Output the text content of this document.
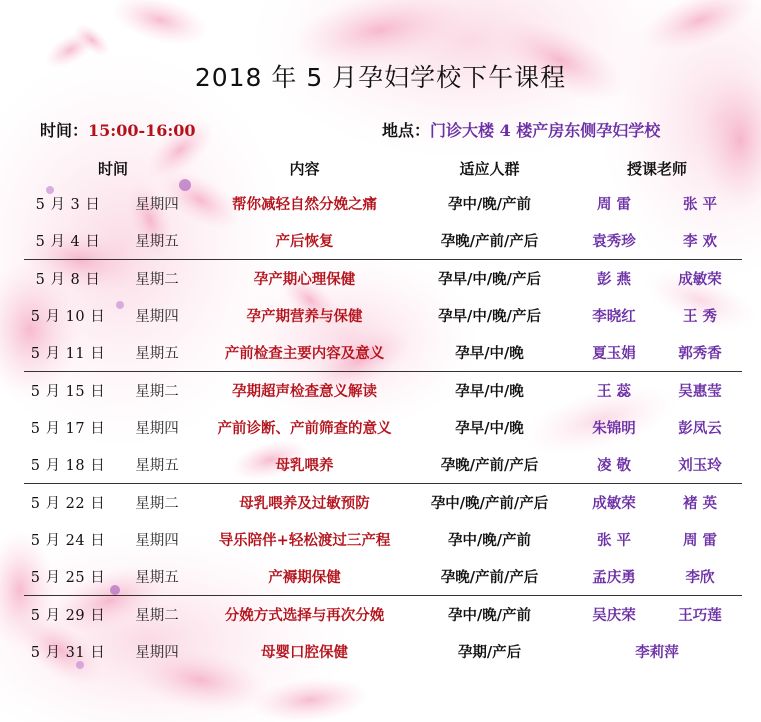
2018 年 5 月孕妇学校下午课程
时间：15:00-16:00	地点：门诊大楼 4 楼产房东侧孕妇学校
时间		内容	适应人群	授课老师
5 月 3 日	星期四	帮你减轻自然分娩之痛	孕中/晚/产前	周 雷 张 平
5 月 4 日	星期五	产后恢复	孕晚/产前/产后	袁秀珍 李 欢
5 月 8 日	星期二	孕产期心理保健	孕早/中/晚/产后	彭 燕 成敏荣
5 月 10 日	星期四	孕产期营养与保健	孕早/中/晚/产后	李晓红 王 秀
5 月 11 日	星期五	产前检查主要内容及意义	孕早/中/晚	夏玉娟 郭秀香
5 月 15 日	星期二	孕期超声检查意义解读	孕早/中/晚	王 蕊 吴惠莹
5 月 17 日	星期四	产前诊断、产前筛查的意义	孕早/中/晚	朱锦明 彭凤云
5 月 18 日	星期五	母乳喂养	孕晚/产前/产后	凌 敬 刘玉玲
5 月 22 日	星期二	母乳喂养及过敏预防	孕中/晚/产前/产后	成敏荣 褚 英
5 月 24 日	星期四	导乐陪伴+轻松渡过三产程	孕中/晚/产前	张 平 周 雷
5 月 25 日	星期五	产褥期保健	孕晚/产前/产后	孟庆勇 李欣
5 月 29 日	星期二	分娩方式选择与再次分娩	孕中/晚/产前	吴庆荣 王巧莲
5 月 31 日	星期四	母婴口腔保健	孕期/产后	李莉萍
